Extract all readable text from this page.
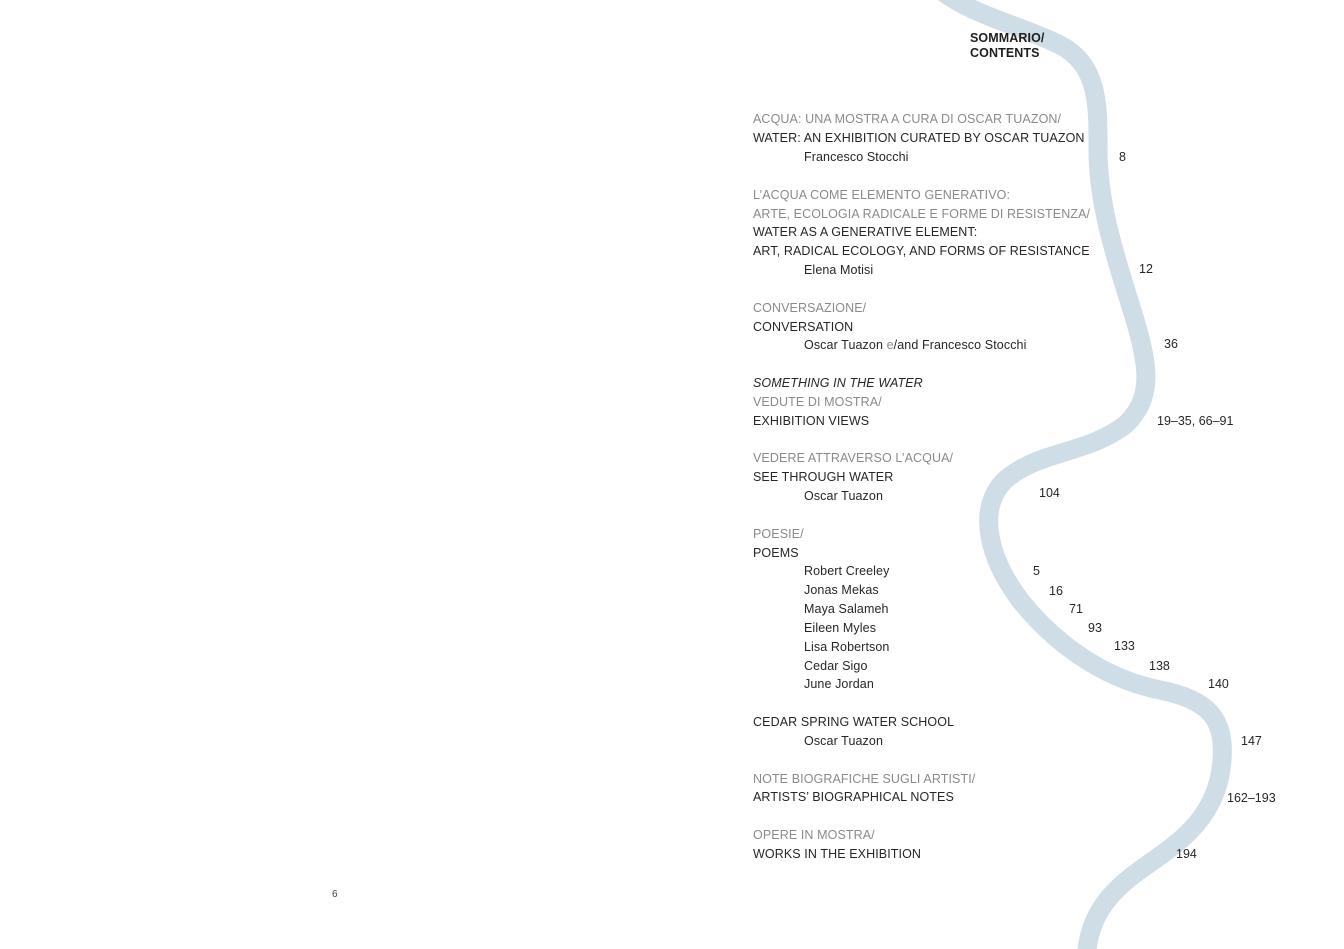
SOMMARIO/
CONTENTS
ACQUA: UNA MOSTRA A CURA DI OSCAR TUAZON/
WATER: AN EXHIBITION CURATED BY OSCAR TUAZON
Francesco Stocchi	8
L’ACQUA COME ELEMENTO GENERATIVO:
ARTE, ECOLOGIA RADICALE E FORME DI RESISTENZA/
WATER AS A GENERATIVE ELEMENT:
ART, RADICAL ECOLOGY, AND FORMS OF RESISTANCE
Elena Motisi	12
CONVERSAZIONE/
CONVERSATION
Oscar Tuazon e/and Francesco Stocchi	36
SOMETHING IN THE WATER
VEDUTE DI MOSTRA/
EXHIBITION VIEWS	19–35, 66–91
VEDERE ATTRAVERSO L’ACQUA/
SEE THROUGH WATER
Oscar Tuazon	104
POESIE/
POEMS
Robert Creeley	5
Jonas Mekas	16
Maya Salameh	71
Eileen Myles	93
Lisa Robertson	133
Cedar Sigo	138
June Jordan	140
CEDAR SPRING WATER SCHOOL
Oscar Tuazon	147
NOTE BIOGRAFICHE SUGLI ARTISTI/
ARTISTS’ BIOGRAPHICAL NOTES	162–193
OPERE IN MOSTRA/
WORKS IN THE EXHIBITION	194
6
